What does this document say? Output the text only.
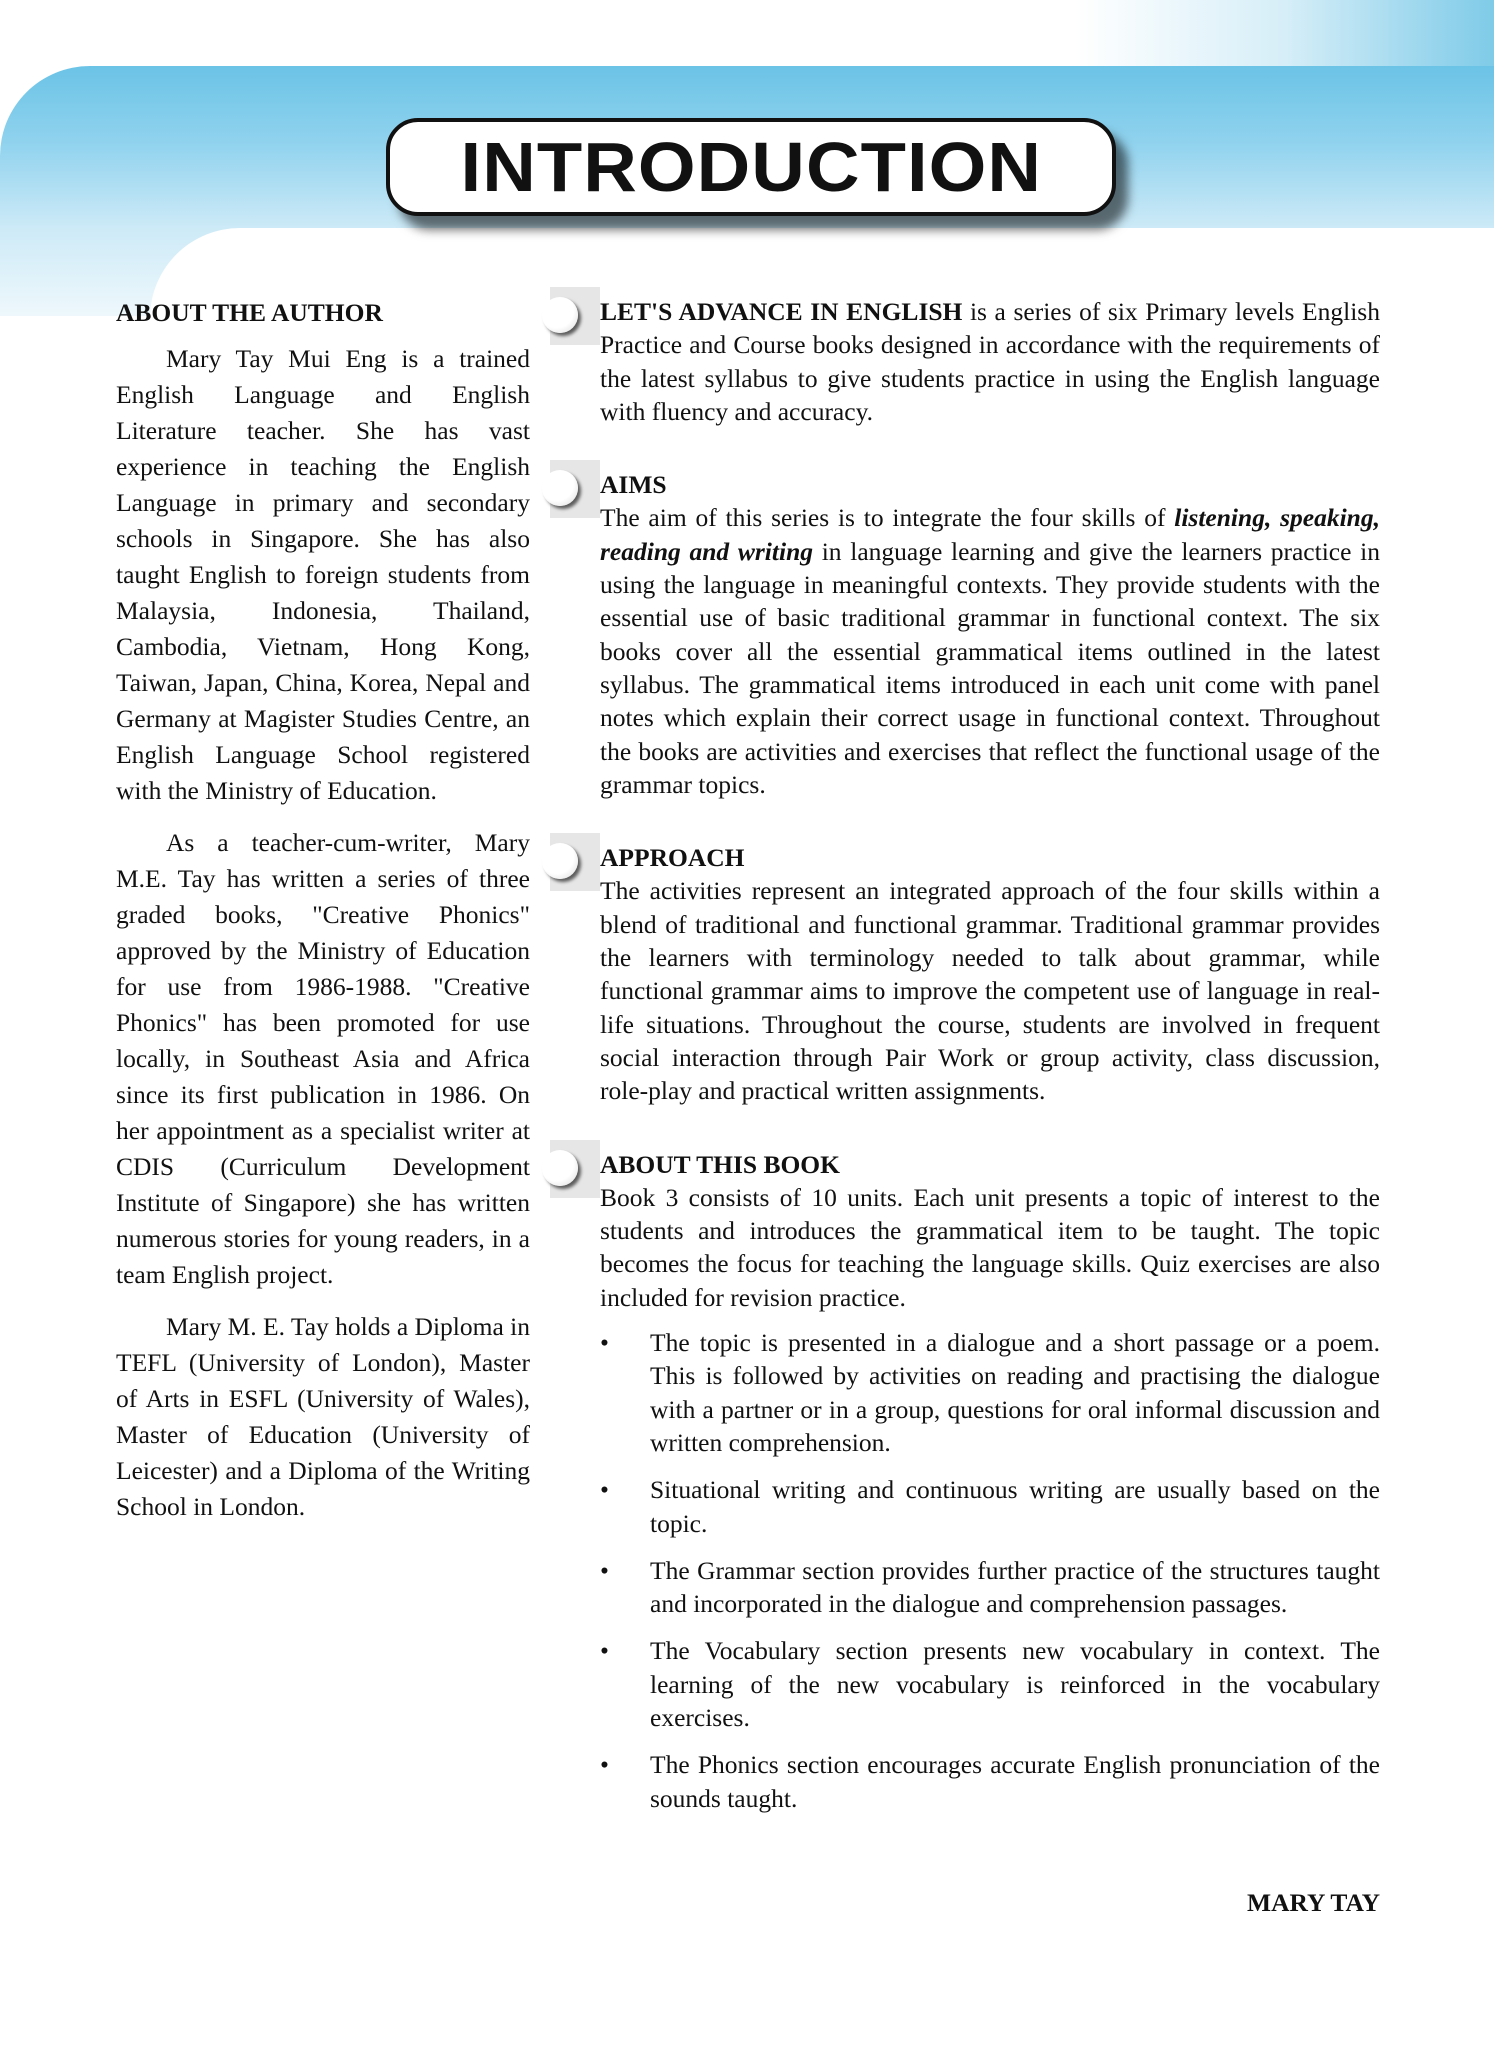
INTRODUCTION
ABOUT THE AUTHOR

Mary Tay Mui Eng is a trained English Language and English Literature teacher. She has vast experience in teaching the English Language in primary and secondary schools in Singapore. She has also taught English to foreign students from Malaysia, Indonesia, Thailand, Cambodia, Vietnam, Hong Kong, Taiwan, Japan, China, Korea, Nepal and Germany at Magister Studies Centre, an English Language School registered with the Ministry of Education.

As a teacher-cum-writer, Mary M.E. Tay has written a series of three graded books, "Creative Phonics" approved by the Ministry of Education for use from 1986-1988. "Creative Phonics" has been promoted for use locally, in Southeast Asia and Africa since its first publication in 1986. On her appointment as a specialist writer at CDIS (Curriculum Development Institute of Singapore) she has written numerous stories for young readers, in a team English project.

Mary M. E. Tay holds a Diploma in TEFL (University of London), Master of Arts in ESFL (University of Wales), Master of Education (University of Leicester) and a Diploma of the Writing School in London.

LET'S ADVANCE IN ENGLISH is a series of six Primary levels English Practice and Course books designed in accordance with the requirements of the latest syllabus to give students practice in using the English language with fluency and accuracy.

AIMS

The aim of this series is to integrate the four skills of listening, speaking, reading and writing in language learning and give the learners practice in using the language in meaningful contexts. They provide students with the essential use of basic traditional grammar in functional context. The six books cover all the essential grammatical items outlined in the latest syllabus. The grammatical items introduced in each unit come with panel notes which explain their correct usage in functional context. Throughout the books are activities and exercises that reflect the functional usage of the grammar topics.

APPROACH

The activities represent an integrated approach of the four skills within a blend of traditional and functional grammar. Traditional grammar provides the learners with terminology needed to talk about grammar, while functional grammar aims to improve the competent use of language in real-life situations. Throughout the course, students are involved in frequent social interaction through Pair Work or group activity, class discussion, role-play and practical written assignments.

ABOUT THIS BOOK

Book 3 consists of 10 units. Each unit presents a topic of interest to the students and introduces the grammatical item to be taught. The topic becomes the focus for teaching the language skills. Quiz exercises are also included for revision practice.

• The topic is presented in a dialogue and a short passage or a poem. This is followed by activities on reading and practising the dialogue with a partner or in a group, questions for oral informal discussion and written comprehension.
• Situational writing and continuous writing are usually based on the topic.
• The Grammar section provides further practice of the structures taught and incorporated in the dialogue and comprehension passages.
• The Vocabulary section presents new vocabulary in context. The learning of the new vocabulary is reinforced in the vocabulary exercises.
• The Phonics section encourages accurate English pronunciation of the sounds taught.
MARY TAY
